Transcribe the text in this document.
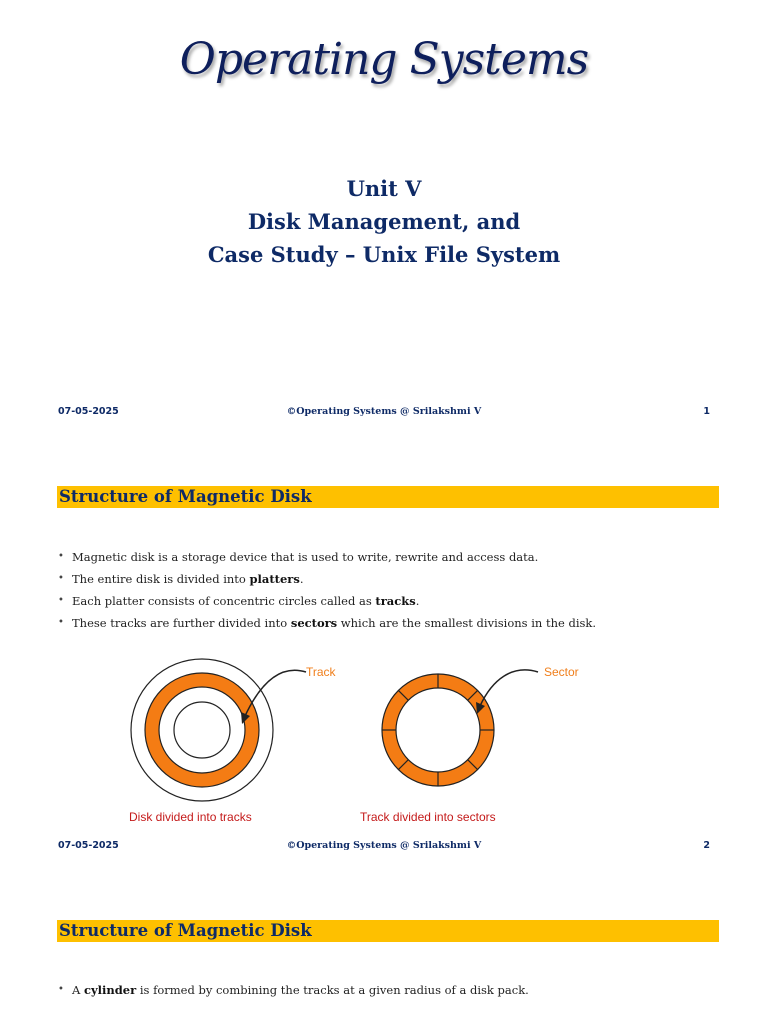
Operating Systems
Unit V
Disk Management, and
Case Study – Unix File System
07-05-2025	©Operating Systems @ Srilakshmi V	1
Structure of Magnetic Disk
• Magnetic disk is a storage device that is used to write, rewrite and access data.
• The entire disk is divided into platters.
• Each platter consists of concentric circles called as tracks.
• These tracks are further divided into sectors which are the smallest divisions in the disk.
Track	Sector
Disk divided into tracks	Track divided into sectors
07-05-2025	©Operating Systems @ Srilakshmi V	2
Structure of Magnetic Disk
• A cylinder is formed by combining the tracks at a given radius of a disk pack.
